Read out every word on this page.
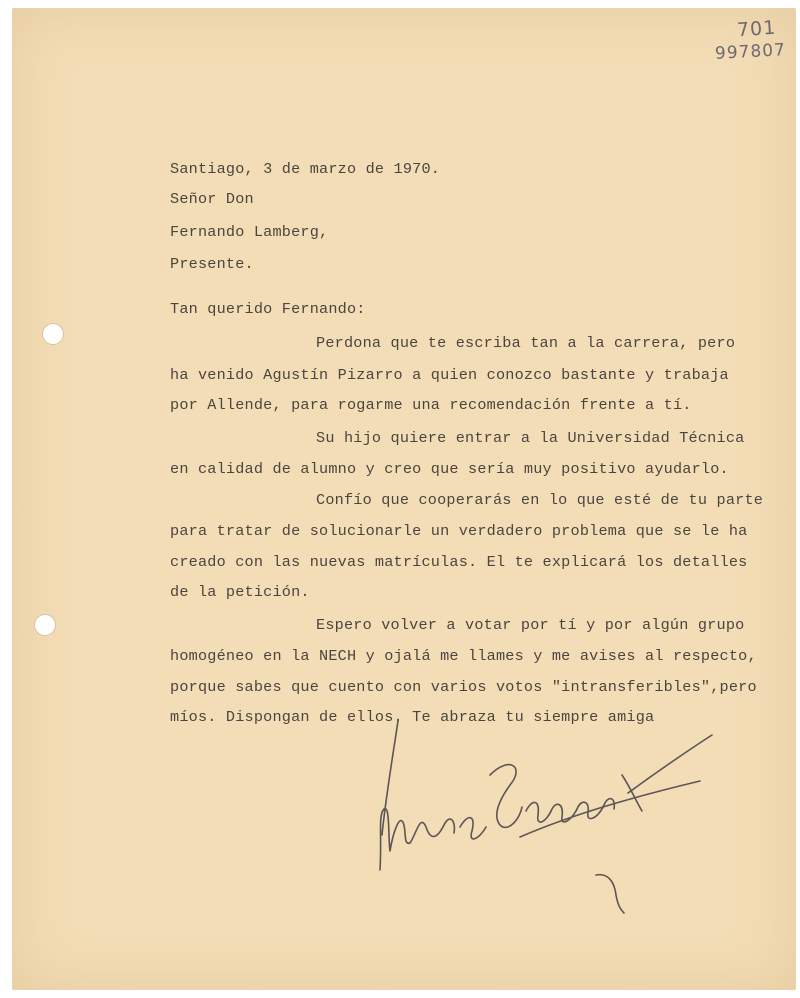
701
997807
Santiago, 3 de marzo de 1970.
Señor Don
Fernando Lamberg,
Presente.
Tan querido Fernando:
Perdona que te escriba tan a la carrera, pero
ha venido Agustín Pizarro a quien conozco bastante y trabaja
por Allende, para rogarme una recomendación frente a tí.
Su hijo quiere entrar a la Universidad Técnica
en calidad de alumno y creo que sería muy positivo ayudarlo.
Confío que cooperarás en lo que esté de tu parte
para tratar de solucionarle un verdadero problema que se le ha
creado con las nuevas matrículas. El te explicará los detalles
de la petición.
Espero volver a votar por tí y por algún grupo
homogéneo en la NECH y ojalá me llames y me avises al respecto,
porque sabes que cuento con varios votos "intransferibles",pero
míos. Dispongan de ellos. Te abraza tu siempre amiga
